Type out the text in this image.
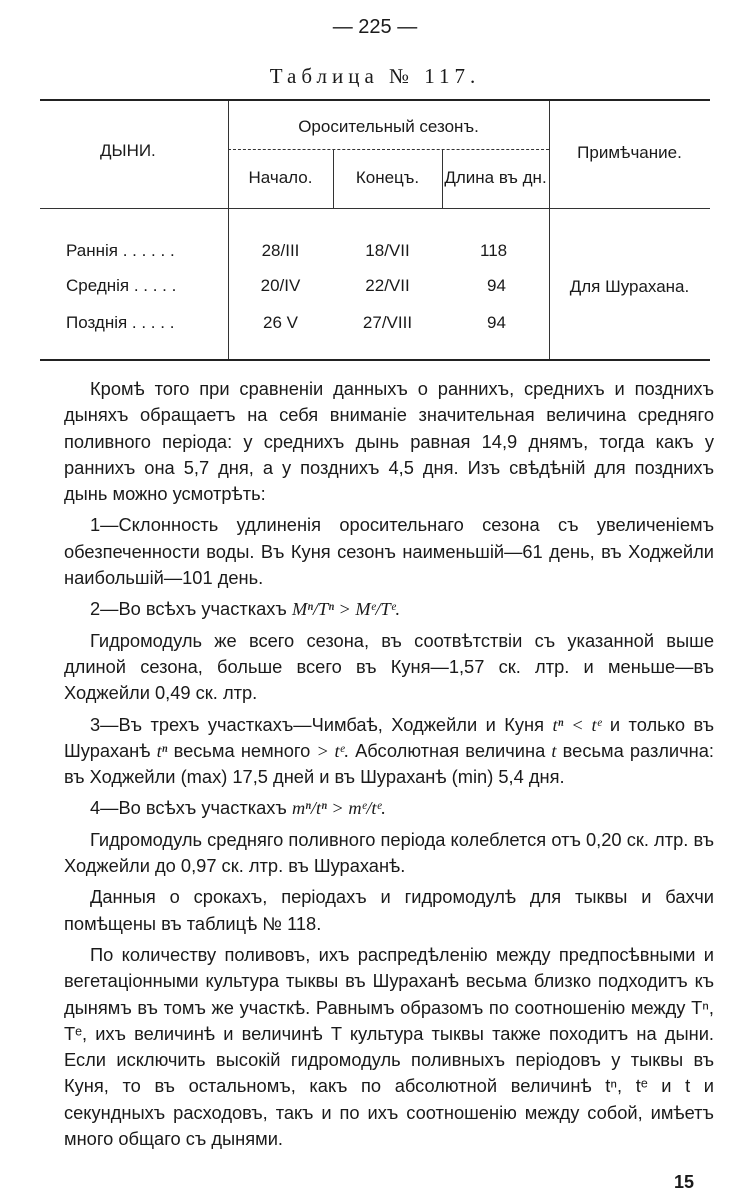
— 225 —
Таблица № 117.
ДЫНИ.
Оросительный сезонъ.
Начало.	Конецъ.	Длина въ дн.
Примѣчание.
Раннія . . . . . .	28/III	18/VII	118
Среднія . . . . .	20/IV	22/VII	94
Позднія . . . . .	26 V	27/VIII	94
Для Шурахана.

Кромѣ того при сравненіи данныхъ о раннихъ, среднихъ и позднихъ дыняхъ обращаетъ на себя вниманіе значительная величина средняго поливного періода: у среднихъ дынь равная 14,9 днямъ, тогда какъ у раннихъ она 5,7 дня, а у позднихъ 4,5 дня. Изъ свѣдѣній для позднихъ дынь можно усмотрѣть:

1—Склонность удлиненія оросительнаго сезона съ увеличеніемъ обезпеченности воды. Въ Куня сезонъ наименьшій—61 день, въ Ходжейли наибольшій—101 день.

2—Во всѣхъ участкахъ Mⁿ/Tⁿ > Mᵉ/Tᵉ.

Гидромодуль же всего сезона, въ соотвѣтствіи съ указанной выше длиной сезона, больше всего въ Куня—1,57 ск. лтр. и меньше—въ Ходжейли 0,49 ск. лтр.

3—Въ трехъ участкахъ—Чимбаѣ, Ходжейли и Куня tⁿ < tᵉ и только въ Шураханѣ tⁿ весьма немного > tᵉ. Абсолютная величина t весьма различна: въ Ходжейли (max) 17,5 дней и въ Шураханѣ (min) 5,4 дня.

4—Во всѣхъ участкахъ mⁿ/tⁿ > mᵉ/tᵉ.

Гидромодуль средняго поливного періода колеблется отъ 0,20 ск. лтр. въ Ходжейли до 0,97 ск. лтр. въ Шураханѣ.

Данныя о срокахъ, періодахъ и гидромодулѣ для тыквы и бахчи помѣщены въ таблицѣ № 118.

По количеству поливовъ, ихъ распредѣленію между предпосѣвными и вегетаціонными культура тыквы въ Шураханѣ весьма близко подходитъ къ дынямъ въ томъ же участкѣ. Равнымъ образомъ по соотношенію между Tⁿ, Tᵉ, ихъ величинѣ и величинѣ T культура тыквы также походитъ на дыни. Если исключить высокій гидромодуль поливныхъ періодовъ у тыквы въ Куня, то въ остальномъ, какъ по абсолютной величинѣ tⁿ, tᵉ и t и секундныхъ расходовъ, такъ и по ихъ соотношенію между собой, имѣетъ много общаго съ дынями.

15
